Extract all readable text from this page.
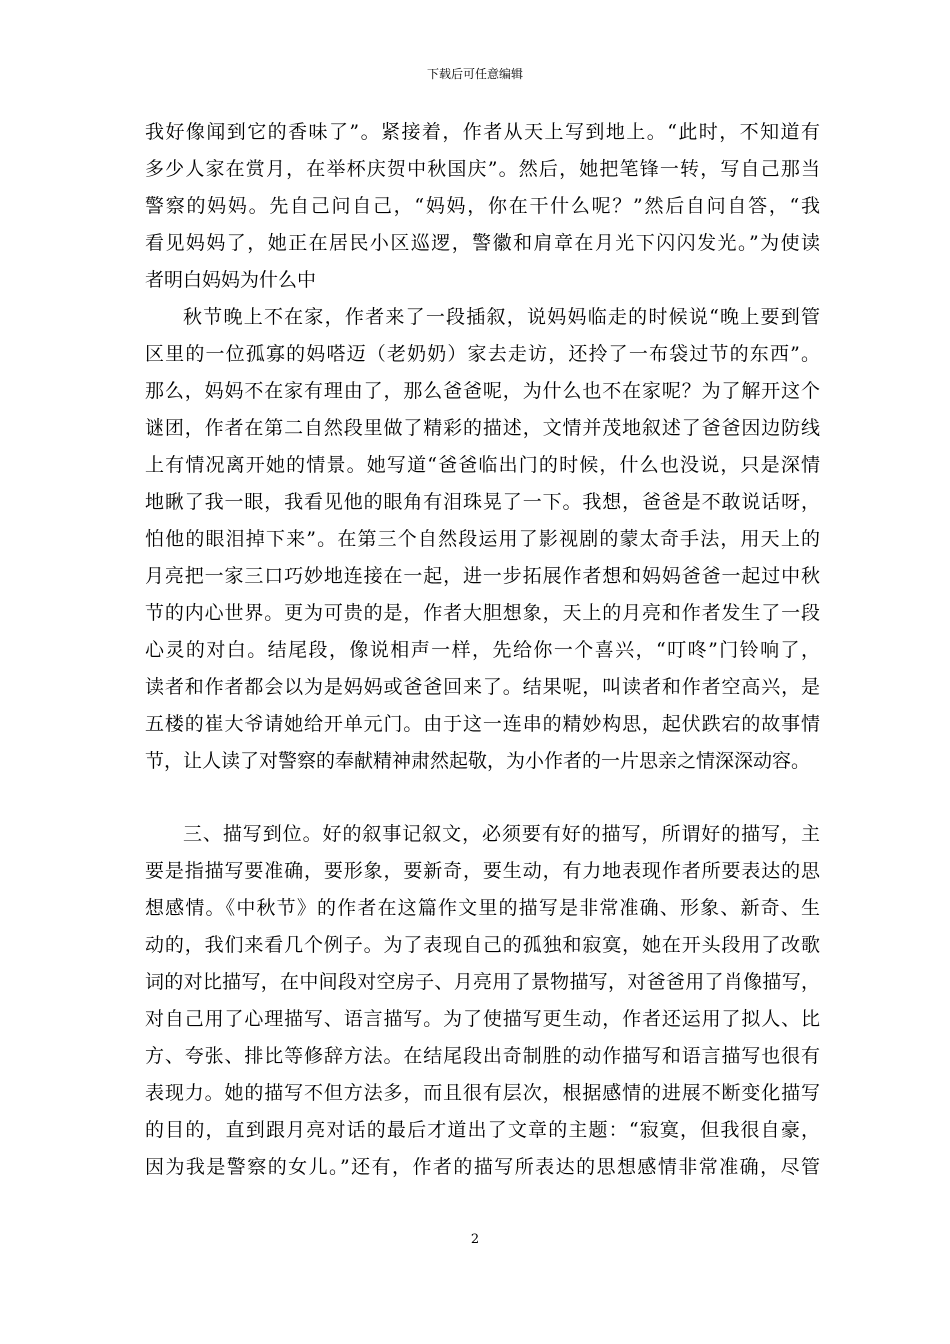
下载后可任意编辑
我好像闻到它的香味了”。紧接着，作者从天上写到地上。“此时，不知道有
多少人家在赏月，在举杯庆贺中秋国庆”。然后，她把笔锋一转，写自己那当
警察的妈妈。先自己问自己，“妈妈，你在干什么呢？”然后自问自答，“我
看见妈妈了，她正在居民小区巡逻，警徽和肩章在月光下闪闪发光。”为使读
者明白妈妈为什么中
秋节晚上不在家，作者来了一段插叙，说妈妈临走的时候说“晚上要到管
区里的一位孤寡的妈嗒迈（老奶奶）家去走访，还拎了一布袋过节的东西”。
那么，妈妈不在家有理由了，那么爸爸呢，为什么也不在家呢？为了解开这个
谜团，作者在第二自然段里做了精彩的描述，文情并茂地叙述了爸爸因边防线
上有情况离开她的情景。她写道“爸爸临出门的时候，什么也没说，只是深情
地瞅了我一眼，我看见他的眼角有泪珠晃了一下。我想，爸爸是不敢说话呀，
怕他的眼泪掉下来”。在第三个自然段运用了影视剧的蒙太奇手法，用天上的
月亮把一家三口巧妙地连接在一起，进一步拓展作者想和妈妈爸爸一起过中秋
节的内心世界。更为可贵的是，作者大胆想象，天上的月亮和作者发生了一段
心灵的对白。结尾段，像说相声一样，先给你一个喜兴，“叮咚”门铃响了，
读者和作者都会以为是妈妈或爸爸回来了。结果呢，叫读者和作者空高兴，是
五楼的崔大爷请她给开单元门。由于这一连串的精妙构思，起伏跌宕的故事情
节，让人读了对警察的奉献精神肃然起敬，为小作者的一片思亲之情深深动容。
三、描写到位。好的叙事记叙文，必须要有好的描写，所谓好的描写，主
要是指描写要准确，要形象，要新奇，要生动，有力地表现作者所要表达的思
想感情。《中秋节》的作者在这篇作文里的描写是非常准确、形象、新奇、生
动的，我们来看几个例子。为了表现自己的孤独和寂寞，她在开头段用了改歌
词的对比描写，在中间段对空房子、月亮用了景物描写，对爸爸用了肖像描写，
对自己用了心理描写、语言描写。为了使描写更生动，作者还运用了拟人、比
方、夸张、排比等修辞方法。在结尾段出奇制胜的动作描写和语言描写也很有
表现力。她的描写不但方法多，而且很有层次，根据感情的进展不断变化描写
的目的，直到跟月亮对话的最后才道出了文章的主题：“寂寞，但我很自豪，
因为我是警察的女儿。”还有，作者的描写所表达的思想感情非常准确，尽管
2
